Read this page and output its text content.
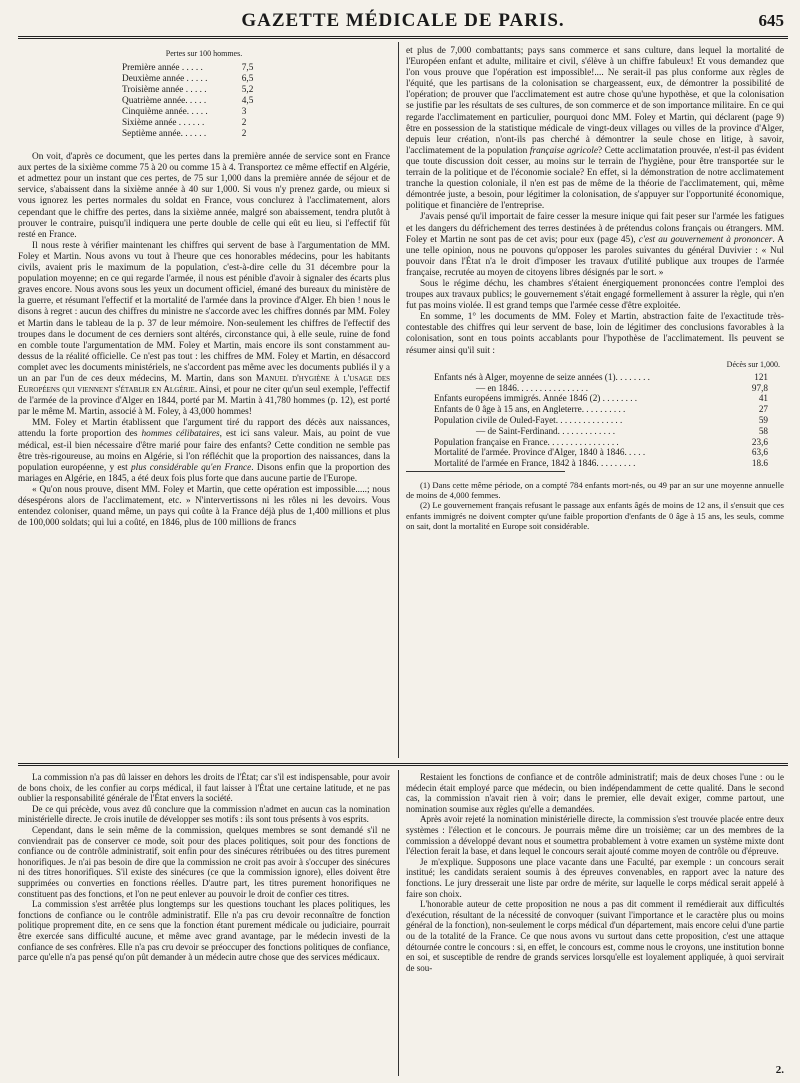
GAZETTE MÉDICALE DE PARIS.	645
Pertes sur 100 hommes.
Première année . . . . .	7,5
Deuxième année . . . . .	6,5
Troisième année . . . . .	5,2
Quatrième année. . . . .	4,5
Cinquième année. . . . .	3
Sixième année . . . . . .	2
Septième année. . . . . .	2

On voit, d'après ce document, que les pertes dans la première année de service sont en France aux pertes de la sixième comme 75 à 20 ou comme 15 à 4. Transportez ce même effectif en Algérie, et admettez pour un instant que ces pertes, de 75 sur 1,000 dans la première année de séjour et de service, s'abaissent dans la sixième année à 40 sur 1,000. Si vous n'y prenez garde, ou mieux si vous ignorez les pertes normales du soldat en France, vous conclurez à l'acclimatement, alors cependant que le chiffre des pertes, dans la sixième année, malgré son abaissement, tendra plutôt à prouver le contraire, puisqu'il indiquera une perte double de celle qui eût eu lieu, si l'effectif fût resté en France.

Il nous reste à vérifier maintenant les chiffres qui servent de base à l'argumentation de MM. Foley et Martin. Nous avons vu tout à l'heure que ces honorables médecins, pour les habitants civils, avaient pris le maximum de la population, c'est-à-dire celle du 31 décembre pour la population moyenne; en ce qui regarde l'armée, il nous est pénible d'avoir à signaler des écarts plus graves encore. Nous avons sous les yeux un document officiel, émané des bureaux du ministère de la guerre, et résumant l'effectif et la mortalité de l'armée dans la province d'Alger. Eh bien ! nous le disons à regret : aucun des chiffres du ministre ne s'accorde avec les chiffres donnés par MM. Foley et Martin dans le tableau de la p. 37 de leur mémoire. Non-seulement les chiffres de l'effectif des troupes dans le document de ces derniers sont altérés, circonstance qui, à elle seule, ruine de fond en comble toute l'argumentation de MM. Foley et Martin, mais encore ils sont constamment au-dessus de la réalité officielle. Ce n'est pas tout : les chiffres de MM. Foley et Martin, en désaccord complet avec les documents ministériels, ne s'accordent pas même avec les documents publiés il y a un an par l'un de ces deux médecins, M. Martin, dans son Manuel d'hygiène à l'usage des Européens qui viennent s'établir en Algérie. Ainsi, et pour ne citer qu'un seul exemple, l'effectif de l'armée de la province d'Alger en 1844, porté par M. Martin à 41,780 hommes (p. 12), est porté par le même M. Martin, associé à M. Foley, à 43,000 hommes!

MM. Foley et Martin établissent que l'argument tiré du rapport des décès aux naissances, attendu la forte proportion des hommes célibataires, est ici sans valeur. Mais, au point de vue médical, est-il bien nécessaire d'être marié pour faire des enfants? Cette condition ne semble pas être très-rigoureuse, au moins en Algérie, si l'on réfléchit que la proportion des naissances, dans la population européenne, y est plus considérable qu'en France. Disons enfin que la proportion des mariages en Algérie, en 1845, a été deux fois plus forte que dans aucune partie de l'Europe.

« Qu'on nous prouve, disent MM. Foley et Martin, que cette opération est impossible.....; nous désespérons alors de l'acclimatement, etc. » N'intervertissons ni les rôles ni les devoirs. Vous entendez coloniser, quand même, un pays qui coûte à la France déjà plus de 1,400 millions et plus de 100,000 soldats; qui lui a coûté, en 1846, plus de 100 millions de francs

et plus de 7,000 combattants; pays sans commerce et sans culture, dans lequel la mortalité de l'Européen enfant et adulte, militaire et civil, s'élève à un chiffre fabuleux! Et vous demandez que l'on vous prouve que l'opération est impossible!.... Ne serait-il pas plus conforme aux règles de l'équité, que les partisans de la colonisation se chargeassent, eux, de démontrer la possibilité de l'opération; de prouver que l'acclimatement est autre chose qu'une hypothèse, et que la colonisation se justifie par les résultats de ses cultures, de son commerce et de son importance militaire. En ce qui regarde l'acclimatement en particulier, pourquoi donc MM. Foley et Martin, qui déclarent (page 9) être en possession de la statistique médicale de vingt-deux villages ou villes de la province d'Alger, depuis leur création, n'ont-ils pas cherché à démontrer la seule chose en litige, à savoir, l'acclimatement de la population française agricole? Cette acclimatation prouvée, n'est-il pas évident que toute discussion doit cesser, au moins sur le terrain de l'hygiène, pour être transportée sur le terrain de la politique et de l'économie sociale? En effet, si la démonstration de notre acclimatement tranche la question coloniale, il n'en est pas de même de la théorie de l'acclimatement, qui, même démontrée juste, a besoin, pour légitimer la colonisation, de s'appuyer sur l'opportunité économique, politique et financière de l'entreprise.

J'avais pensé qu'il importait de faire cesser la mesure inique qui fait peser sur l'armée les fatigues et les dangers du défrichement des terres destinées à de prétendus colons français ou étrangers. MM. Foley et Martin ne sont pas de cet avis; pour eux (page 45), c'est au gouvernement à prononcer. A une telle opinion, nous ne pouvons qu'opposer les paroles suivantes du général Duvivier : « Nul pouvoir dans l'État n'a le droit d'imposer les travaux d'utilité publique aux troupes de l'armée française, recrutée au moyen de citoyens libres désignés par le sort. »

Sous le régime déchu, les chambres s'étaient énergiquement prononcées contre l'emploi des troupes aux travaux publics; le gouvernement s'était engagé formellement à assurer la règle, qui n'en fut pas moins violée. Il est grand temps que l'armée cesse d'être exploitée.

En somme, 1° les documents de MM. Foley et Martin, abstraction faite de l'exactitude très-contestable des chiffres qui leur servent de base, loin de légitimer des conclusions favorables à la colonisation, sont en tous points accablants pour l'hypothèse de l'acclimatement. Ils peuvent se résumer ainsi qu'il suit :

Décès sur 1,000.
Enfants nés à Alger, moyenne de seize années (1). . . . . . . .	121
— en 1846. . . . . . . . . . . . . . . .	97,8
Enfants européens immigrés. Année 1846 (2) . . . . . . . .	41
Enfants de 0 âge à 15 ans, en Angleterre. . . . . . . . . .	27
Population civile de Ouled-Fayet. . . . . . . . . . . . . . .	59
— de Saint-Ferdinand. . . . . . . . . . . . .	58
Population française en France. . . . . . . . . . . . . . . .	23,6
Mortalité de l'armée. Province d'Alger, 1840 à 1846. . . . .	63,6
Mortalité de l'armée en France, 1842 à 1846. . . . . . . . .	18.6

(1) Dans cette même période, on a compté 784 enfants mort-nés, ou 49 par an sur une moyenne annuelle de moins de 4,000 femmes.

(2) Le gouvernement français refusant le passage aux enfants âgés de moins de 12 ans, il s'ensuit que ces enfants immigrés ne doivent compter qu'une faible proportion d'enfants de 0 âge à 15 ans, les seuls, comme on sait, dont la mortalité en Europe soit considérable.

La commission n'a pas dû laisser en dehors les droits de l'État; car s'il est indispensable, pour avoir de bons choix, de les confier au corps médical, il faut laisser à l'État une certaine latitude, et ne pas oublier la responsabilité générale de l'État envers la société.

De ce qui précède, vous avez dû conclure que la commission n'admet en aucun cas la nomination ministérielle directe. Je crois inutile de développer ses motifs : ils sont tous présents à vos esprits.

Cependant, dans le sein même de la commission, quelques membres se sont demandé s'il ne conviendrait pas de conserver ce mode, soit pour des places politiques, soit pour des fonctions de confiance ou de contrôle administratif, soit enfin pour des sinécures rétribuées ou des titres purement honorifiques. Je n'ai pas besoin de dire que la commission ne croit pas avoir à s'occuper des sinécures ni des titres honorifiques. S'il existe des sinécures (ce que la commission ignore), elles doivent être supprimées ou converties en fonctions réelles. D'autre part, les titres purement honorifiques ne constituent pas des fonctions, et l'on ne peut enlever au pouvoir le droit de confier ces titres.

La commission s'est arrêtée plus longtemps sur les questions touchant les places politiques, les fonctions de confiance ou le contrôle administratif. Elle n'a pas cru devoir reconnaître de fonction politique proprement dite, en ce sens que la fonction étant purement médicale ou judiciaire, pourrait être exercée sans difficulté aucune, et même avec grand avantage, par le médecin investi de la confiance de ses confrères. Elle n'a pas cru devoir se préoccuper des fonctions politiques de confiance, parce qu'elle n'a pas pensé qu'on pût demander à un médecin autre chose que des services médicaux.

Restaient les fonctions de confiance et de contrôle administratif; mais de deux choses l'une : ou le médecin était employé parce que médecin, ou bien indépendamment de cette qualité. Dans le second cas, la commission n'avait rien à voir; dans le premier, elle devait exiger, comme partout, une nomination soumise aux règles qu'elle a demandées.

Après avoir rejeté la nomination ministérielle directe, la commission s'est trouvée placée entre deux systèmes : l'élection et le concours. Je pourrais même dire un troisième; car un des membres de la commission a développé devant nous et soumettra probablement à votre examen un système mixte dont l'élection ferait la base, et dans lequel le concours serait ajouté comme moyen de contrôle ou d'épreuve.

Je m'explique. Supposons une place vacante dans une Faculté, par exemple : un concours serait institué; les candidats seraient soumis à des épreuves convenables, en rapport avec la nature des fonctions. Le jury dresserait une liste par ordre de mérite, sur laquelle le corps médical serait appelé à faire son choix.

L'honorable auteur de cette proposition ne nous a pas dit comment il remédierait aux difficultés d'exécution, résultant de la nécessité de convoquer (suivant l'importance et le caractère plus ou moins général de la fonction), non-seulement le corps médical d'un département, mais encore celui d'une partie ou de la totalité de la France. Ce que nous avons vu surtout dans cette proposition, c'est une attaque détournée contre le concours : si, en effet, le concours est, comme nous le croyons, une institution bonne en soi, et susceptible de rendre de grands services lorsqu'elle est loyalement appliquée, à quoi servirait de sou-

2.
